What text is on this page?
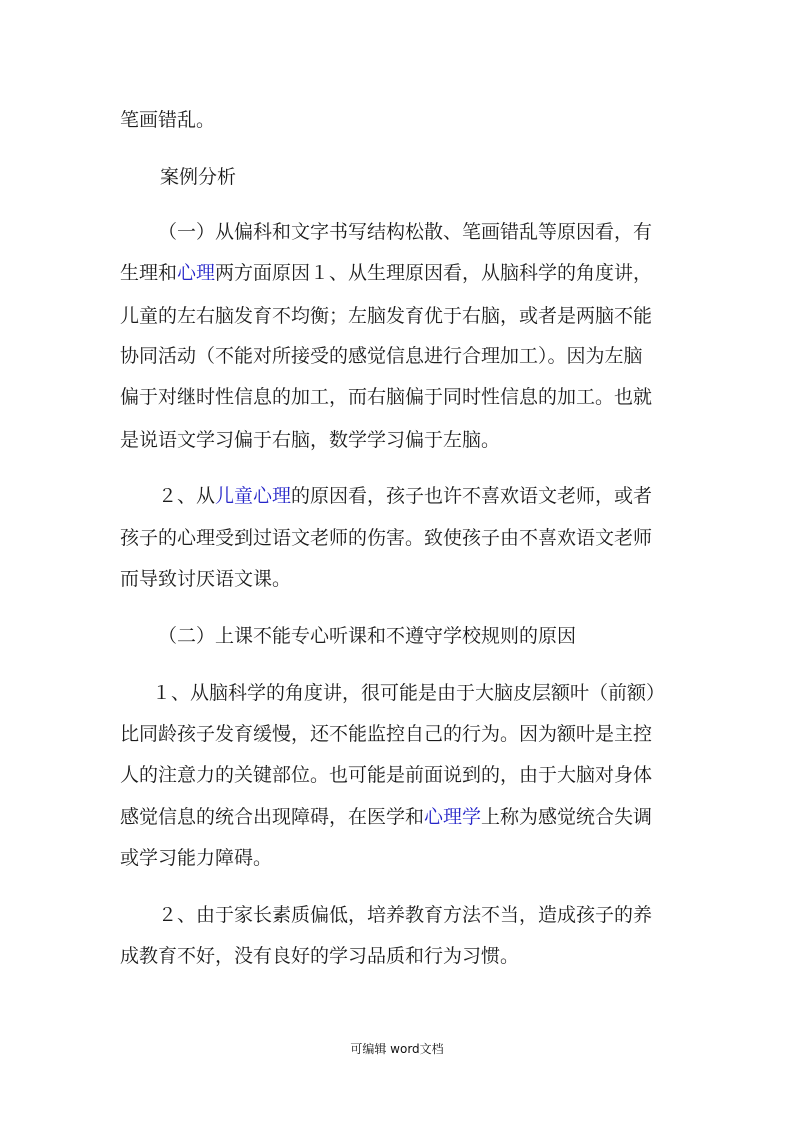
笔画错乱。
案例分析
（一）从偏科和文字书写结构松散、笔画错乱等原因看，有
生理和心理两方面原因１、从生理原因看，从脑科学的角度讲，
儿童的左右脑发育不均衡；左脑发育优于右脑，或者是两脑不能
协同活动（不能对所接受的感觉信息进行合理加工）。因为左脑
偏于对继时性信息的加工，而右脑偏于同时性信息的加工。也就
是说语文学习偏于右脑，数学学习偏于左脑。
２、从儿童心理的原因看，孩子也许不喜欢语文老师，或者
孩子的心理受到过语文老师的伤害。致使孩子由不喜欢语文老师
而导致讨厌语文课。
（二）上课不能专心听课和不遵守学校规则的原因
１、从脑科学的角度讲，很可能是由于大脑皮层额叶（前额）
比同龄孩子发育缓慢，还不能监控自己的行为。因为额叶是主控
人的注意力的关键部位。也可能是前面说到的，由于大脑对身体
感觉信息的统合出现障碍，在医学和心理学上称为感觉统合失调
或学习能力障碍。
２、由于家长素质偏低，培养教育方法不当，造成孩子的养
成教育不好，没有良好的学习品质和行为习惯。
可编辑 word文档
